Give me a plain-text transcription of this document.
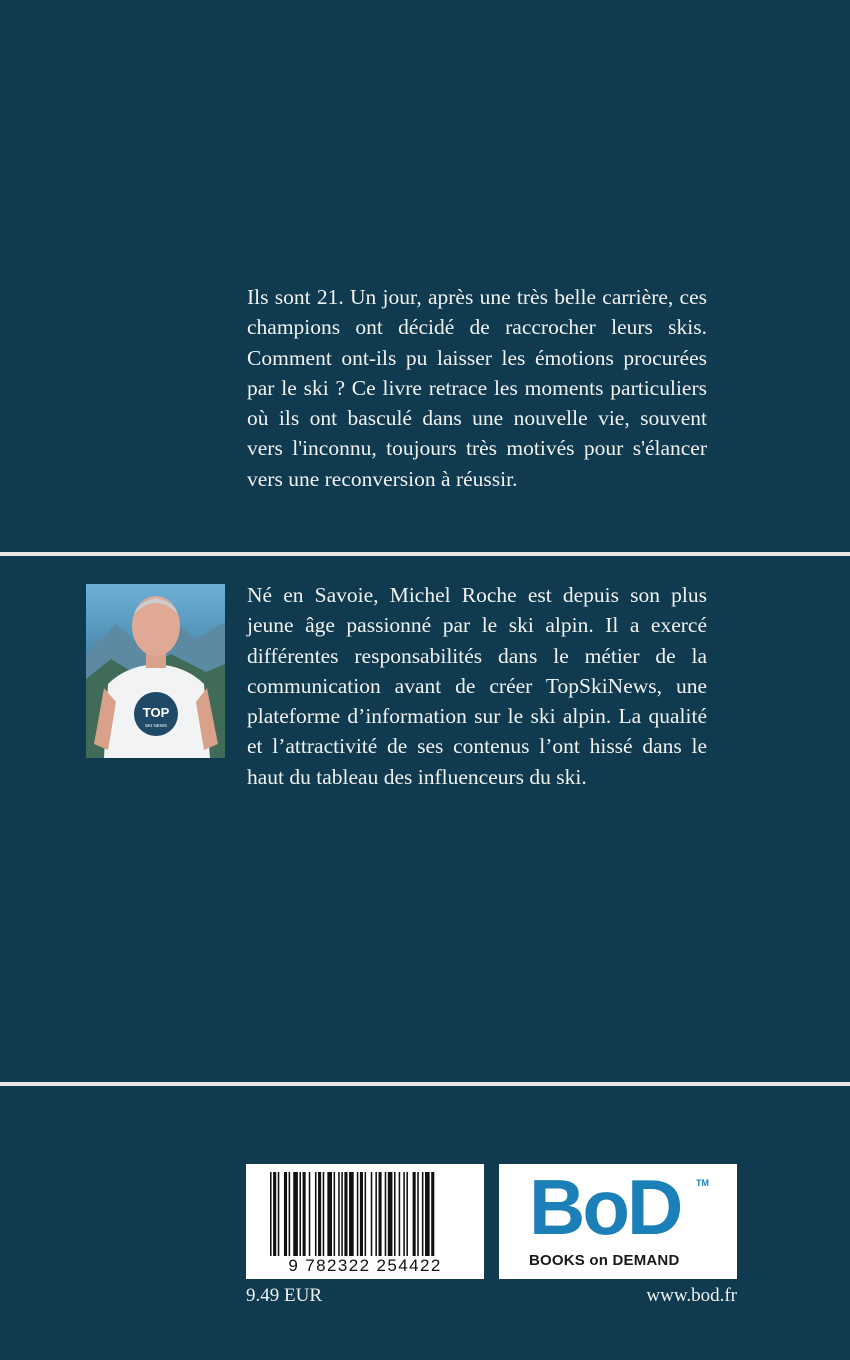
Ils sont 21. Un jour, après une très belle carrière, ces champions ont décidé de raccrocher leurs skis. Comment ont-ils pu laisser les émotions procurées par le ski ? Ce livre retrace les moments particuliers où ils ont basculé dans une nouvelle vie, souvent vers l'inconnu, toujours très motivés pour s'élancer vers une reconversion à réussir.
TOP
SKI NEWS
Né en Savoie, Michel Roche est depuis son plus jeune âge passionné par le ski alpin. Il a exercé différentes responsabilités dans le métier de la communication avant de créer TopSkiNews, une plateforme d’information sur le ski alpin. La qualité et l’attractivité de ses contenus l’ont hissé dans le haut du tableau des influenceurs du ski.
9 782322 254422
BoD TM
BOOKS on DEMAND
9.49 EUR	www.bod.fr
